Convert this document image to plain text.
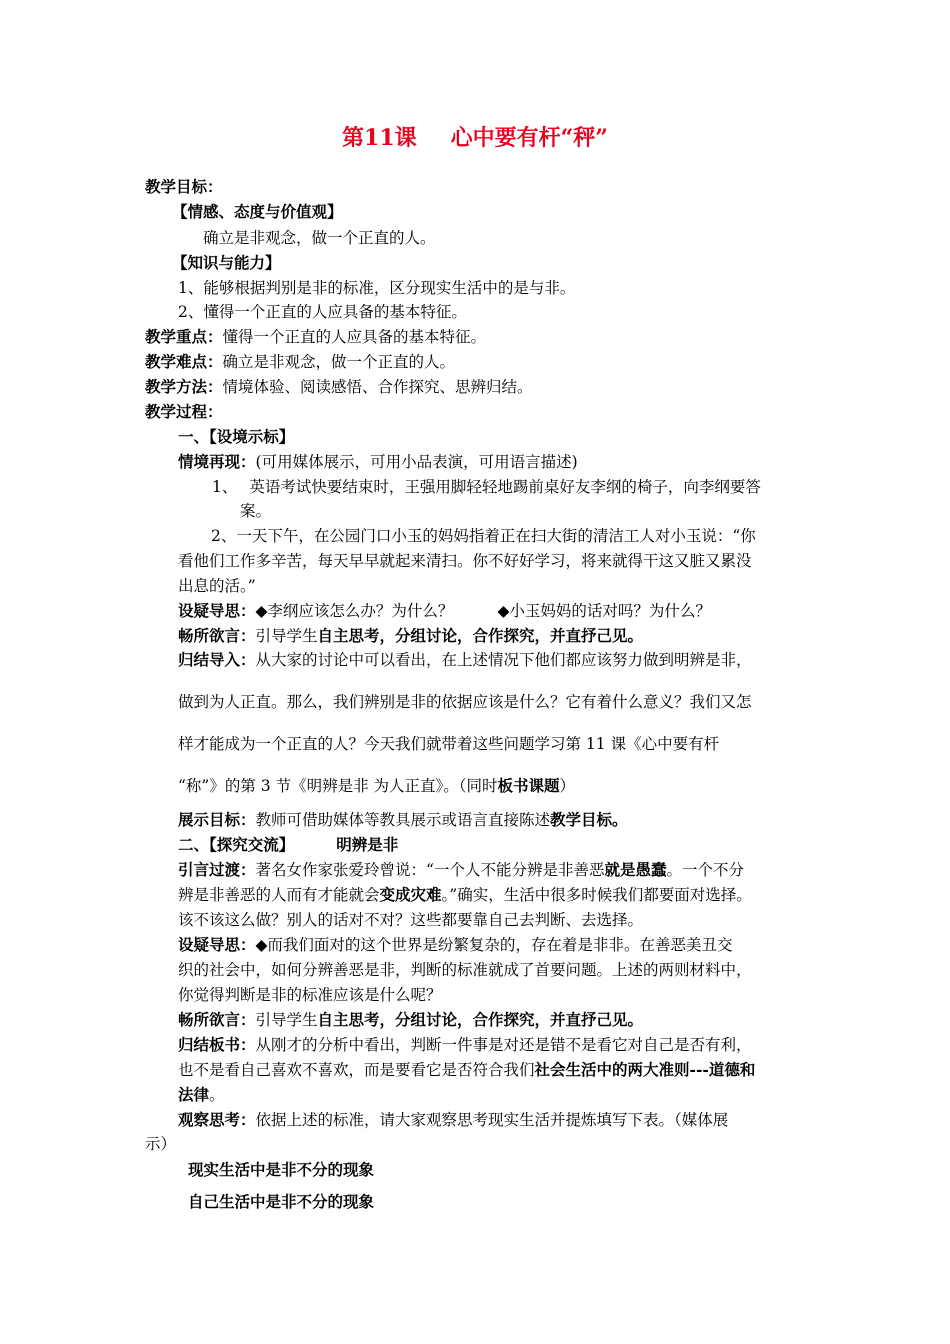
第11课 心中要有杆“秤”
教学目标：
【情感、态度与价值观】
确立是非观念，做一个正直的人。
【知识与能力】
1、能够根据判别是非的标准，区分现实生活中的是与非。
2、懂得一个正直的人应具备的基本特征。
教学重点：懂得一个正直的人应具备的基本特征。
教学难点：确立是非观念，做一个正直的人。
教学方法：情境体验、阅读感悟、合作探究、思辨归结。
教学过程：
一、【设境示标】
情境再现：(可用媒体展示，可用小品表演，可用语言描述)
1、 英语考试快要结束时，王强用脚轻轻地踢前桌好友李纲的椅子，向李纲要答
案。
2、一天下午，在公园门口小玉的妈妈指着正在扫大街的清洁工人对小玉说：“你
看他们工作多辛苦，每天早早就起来清扫。你不好好学习，将来就得干这又脏又累没
出息的活。”
设疑导思：◆李纲应该怎么办？为什么？	◆小玉妈妈的话对吗？为什么？
畅所欲言：引导学生自主思考，分组讨论，合作探究，并直抒己见。
归结导入：从大家的讨论中可以看出，在上述情况下他们都应该努力做到明辨是非，
做到为人正直。那么，我们辨别是非的依据应该是什么？它有着什么意义？我们又怎
样才能成为一个正直的人？今天我们就带着这些问题学习第 11 课《心中要有杆
“称”》的第 3 节《明辨是非 为人正直》。（同时板书课题）
展示目标：教师可借助媒体等教具展示或语言直接陈述教学目标。
二、【探究交流】	明辨是非
引言过渡：著名女作家张爱玲曾说：“一个人不能分辨是非善恶就是愚蠢。一个不分
辨是非善恶的人而有才能就会变成灾难。”确实，生活中很多时候我们都要面对选择。
该不该这么做？别人的话对不对？这些都要靠自己去判断、去选择。
设疑导思：◆而我们面对的这个世界是纷繁复杂的，存在着是非非。在善恶美丑交
织的社会中，如何分辨善恶是非，判断的标准就成了首要问题。上述的两则材料中，
你觉得判断是非的标准应该是什么呢？
畅所欲言：引导学生自主思考，分组讨论，合作探究，并直抒己见。
归结板书：从刚才的分析中看出，判断一件事是对还是错不是看它对自己是否有利，
也不是看自己喜欢不喜欢，而是要看它是否符合我们社会生活中的两大准则---道德和
法律。
观察思考：依据上述的标准，请大家观察思考现实生活并提炼填写下表。（媒体展
示）
现实生活中是非不分的现象
自己生活中是非不分的现象
